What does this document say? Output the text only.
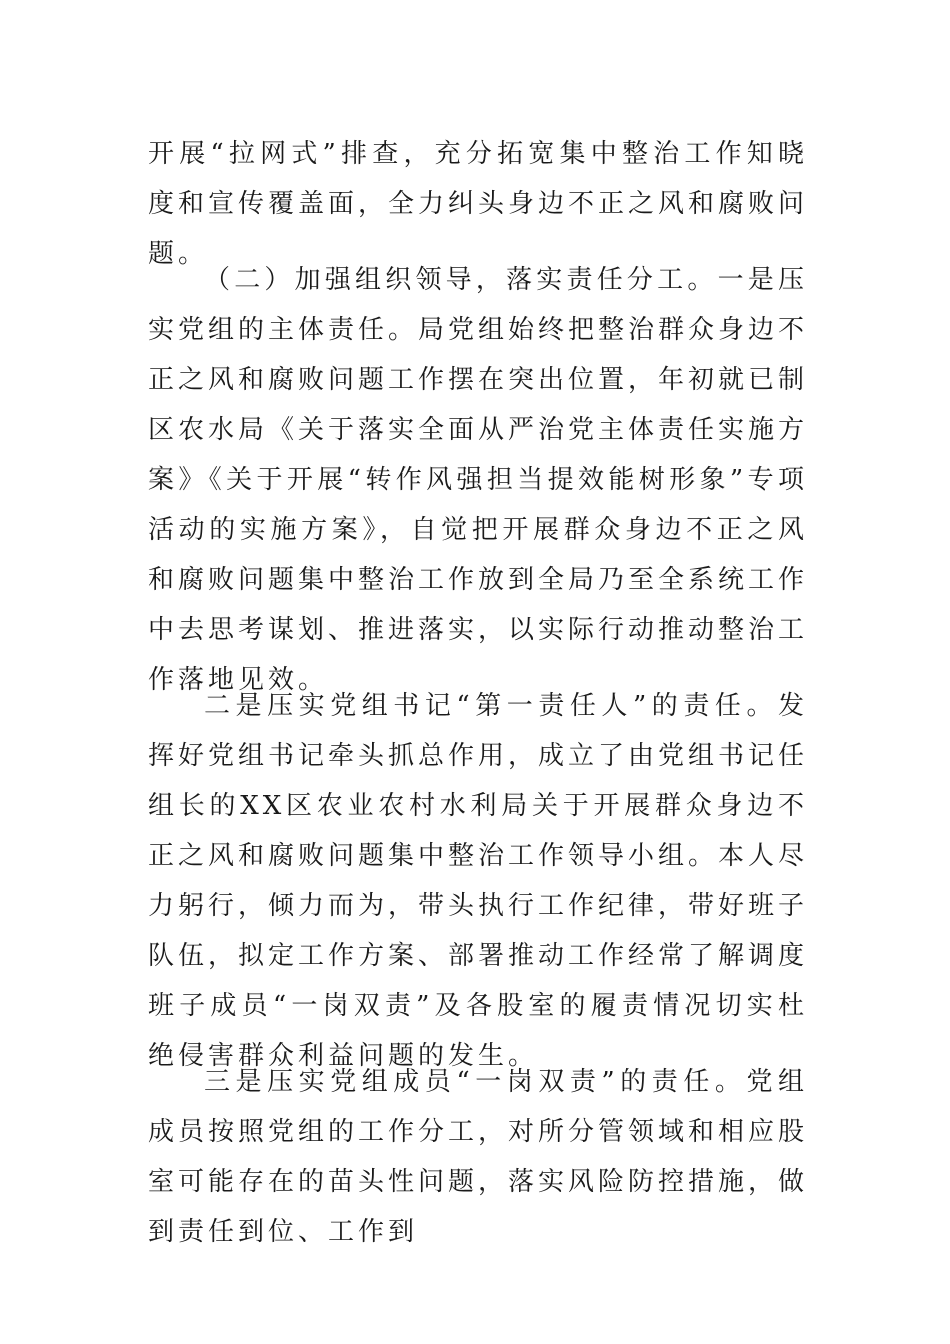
开展“拉网式”排查，充分拓宽集中整治工作知晓度和宣传覆盖面，全力纠头身边不正之风和腐败问题。

（二）加强组织领导，落实责任分工。一是压实党组的主体责任。局党组始终把整治群众身边不正之风和腐败问题工作摆在突出位置，年初就已制区农水局《关于落实全面从严治党主体责任实施方案》《关于开展“转作风强担当提效能树形象”专项活动的实施方案》，自觉把开展群众身边不正之风和腐败问题集中整治工作放到全局乃至全系统工作中去思考谋划、推进落实，以实际行动推动整治工作落地见效。

二是压实党组书记“第一责任人”的责任。发挥好党组书记牵头抓总作用，成立了由党组书记任组长的XX区农业农村水利局关于开展群众身边不正之风和腐败问题集中整治工作领导小组。本人尽力躬行，倾力而为，带头执行工作纪律，带好班子队伍，拟定工作方案、部署推动工作经常了解调度班子成员“一岗双责”及各股室的履责情况切实杜绝侵害群众利益问题的发生。

三是压实党组成员“一岗双责”的责任。党组成员按照党组的工作分工，对所分管领域和相应股室可能存在的苗头性问题，落实风险防控措施，做到责任到位、工作到
